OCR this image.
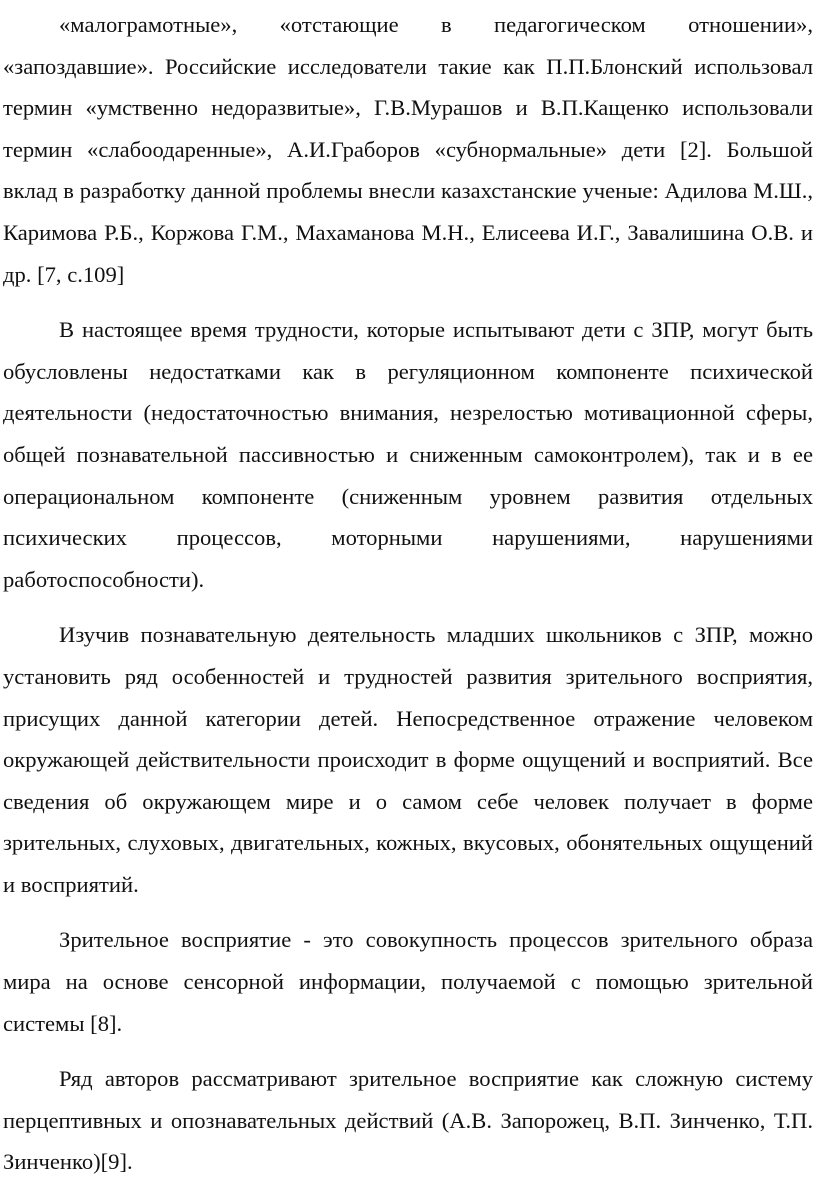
«малограмотные», «отстающие в педагогическом отношении», «запоздавшие». Российские исследователи такие как П.П.Блонский использовал термин «умственно недоразвитые», Г.В.Мурашов и В.П.Кащенко использовали термин «слабоодаренные», А.И.Граборов «субнормальные» дети [2]. Большой вклад в разработку данной проблемы внесли казахстанские ученые: Адилова М.Ш., Каримова Р.Б., Коржова Г.М., Махаманова М.Н., Елисеева И.Г., Завалишина О.В. и др. [7, с.109]

В настоящее время трудности, которые испытывают дети с ЗПР, могут быть обусловлены недостатками как в регуляционном компоненте психической деятельности (недостаточностью внимания, незрелостью мотивационной сферы, общей познавательной пассивностью и сниженным самоконтролем), так и в ее операциональном компоненте (сниженным уровнем развития отдельных психических процессов, моторными нарушениями, нарушениями работоспособности).

Изучив познавательную деятельность младших школьников с ЗПР, можно установить ряд особенностей и трудностей развития зрительного восприятия, присущих данной категории детей. Непосредственное отражение человеком окружающей действительности происходит в форме ощущений и восприятий. Все сведения об окружающем мире и о самом себе человек получает в форме зрительных, слуховых, двигательных, кожных, вкусовых, обонятельных ощущений и восприятий.

Зрительное восприятие - это совокупность процессов зрительного образа мира на основе сенсорной информации, получаемой с помощью зрительной системы [8].

Ряд авторов рассматривают зрительное восприятие как сложную систему перцептивных и опознавательных действий (А.В. Запорожец, В.П. Зинченко, Т.П. Зинченко)[9].
